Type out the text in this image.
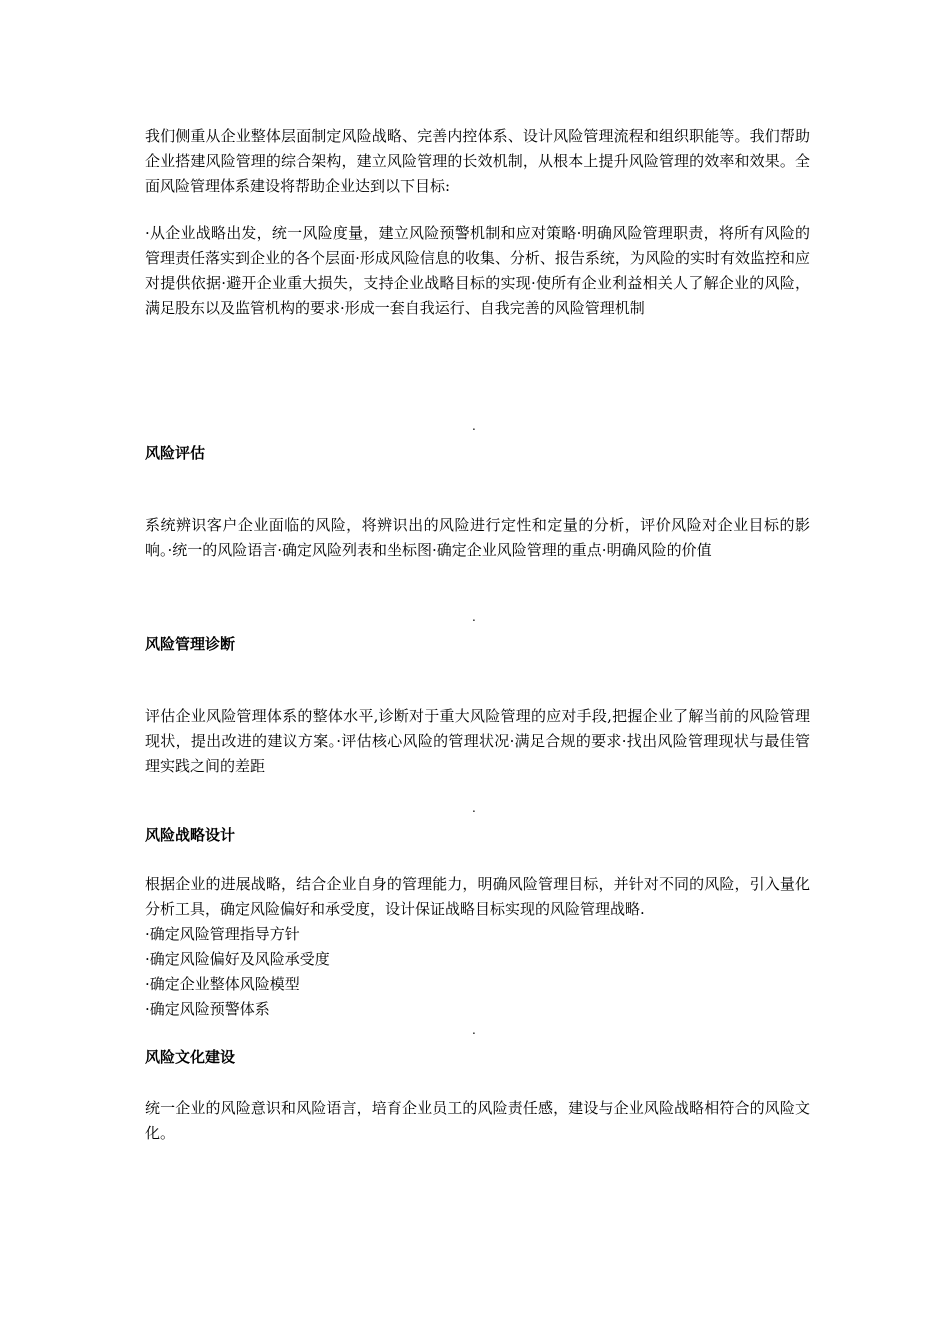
我们侧重从企业整体层面制定风险战略、完善内控体系、设计风险管理流程和组织职能等。我们帮助企业搭建风险管理的综合架构，建立风险管理的长效机制，从根本上提升风险管理的效率和效果。全面风险管理体系建设将帮助企业达到以下目标:

·从企业战略出发，统一风险度量，建立风险预警机制和应对策略·明确风险管理职责，将所有风险的管理责任落实到企业的各个层面·形成风险信息的收集、分析、报告系统，为风险的实时有效监控和应对提供依据·避开企业重大损失，支持企业战略目标的实现·使所有企业利益相关人了解企业的风险，满足股东以及监管机构的要求·形成一套自我运行、自我完善的风险管理机制

.

风险评估

系统辨识客户企业面临的风险，将辨识出的风险进行定性和定量的分析，评价风险对企业目标的影响。·统一的风险语言·确定风险列表和坐标图·确定企业风险管理的重点·明确风险的价值

.

风险管理诊断

评估企业风险管理体系的整体水平,诊断对于重大风险管理的应对手段,把握企业了解当前的风险管理现状，提出改进的建议方案。·评估核心风险的管理状况·满足合规的要求·找出风险管理现状与最佳管理实践之间的差距

.

风险战略设计
根据企业的进展战略，结合企业自身的管理能力，明确风险管理目标，并针对不同的风险，引入量化分析工具，确定风险偏好和承受度，设计保证战略目标实现的风险管理战略.
·确定风险管理指导方针
·确定风险偏好及风险承受度
·确定企业整体风险模型
·确定风险预警体系

.

风险文化建设

统一企业的风险意识和风险语言，培育企业员工的风险责任感，建设与企业风险战略相符合的风险文化。
